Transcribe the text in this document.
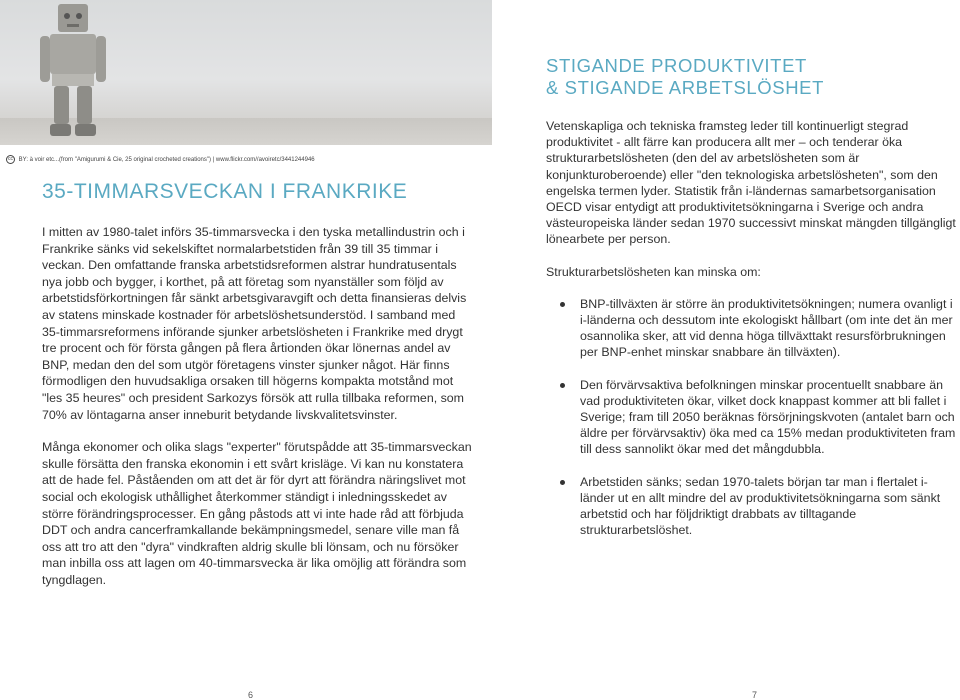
cc BY: à voir etc...(from "Amigurumi & Cie, 25 original crocheted creations") | www.flickr.com//avoiretc/3441244946
35-TIMMARSVECKAN I FRANKRIKE

I mitten av 1980-talet införs 35-timmarsvecka i den tyska metallindustrin och i Frankrike sänks vid sekelskiftet normalarbetstiden från 39 till 35 timmar i veckan. Den omfattande franska arbetstidsreformen alstrar hundratusentals nya jobb och bygger, i korthet, på att företag som nyanställer som följd av arbetstidsförkortningen får sänkt arbetsgivaravgift och detta finansieras delvis av statens minskade kostnader för arbetslöshetsunderstöd. I samband med 35-timmarsreformens införande sjunker arbetslösheten i Frankrike med drygt tre procent och för första gången på flera årtionden ökar lönernas andel av BNP, medan den del som utgör företagens vinster sjunker något. Här finns förmodligen den huvudsakliga orsaken till högerns kompakta motstånd mot "les 35 heures" och president Sarkozys försök att rulla tillbaka reformen, som 70% av löntagarna anser inneburit betydande livskvalitetsvinster.

Många ekonomer och olika slags "experter" förutspådde att 35-timmarsveckan skulle försätta den franska ekonomin i ett svårt krisläge. Vi kan nu konstatera att de hade fel. Påståenden om att det är för dyrt att förändra näringslivet mot social och ekologisk uthållighet återkommer ständigt i inledningsskedet av större förändringsprocesser. En gång påstods att vi inte hade råd att förbjuda DDT och andra cancerframkallande bekämpningsmedel, senare ville man få oss att tro att den "dyra" vindkraften aldrig skulle bli lönsam, och nu försöker man inbilla oss att lagen om 40-timmarsvecka är lika omöjlig att förändra som tyngdlagen.

STIGANDE PRODUKTIVITET
& STIGANDE ARBETSLÖSHET

Vetenskapliga och tekniska framsteg leder till kontinuerligt stegrad produktivitet - allt färre kan producera allt mer – och tenderar öka strukturarbetslösheten (den del av arbetslösheten som är konjunkturoberoende) eller "den teknologiska arbetslösheten", som den engelska termen lyder. Statistik från i-ländernas samarbetsorganisation OECD visar entydigt att produktivitetsökningarna i Sverige och andra västeuropeiska länder sedan 1970 successivt minskat mängden tillgängligt lönearbete per person.

Strukturarbetslösheten kan minska om:

BNP-tillväxten är större än produktivitetsökningen; numera ovanligt i i-länderna och dessutom inte ekologiskt hållbart (om inte det än mer osannolika sker, att vid denna höga tillväxttakt resursförbrukningen per BNP-enhet minskar snabbare än tillväxten).
Den förvärvsaktiva befolkningen minskar procentuellt snabbare än vad produktiviteten ökar, vilket dock knappast kommer att bli fallet i Sverige; fram till 2050 beräknas försörjningskvoten (antalet barn och äldre per förvärvsaktiv) öka med ca 15% medan produktiviteten fram till dess sannolikt ökar med det mångdubbla.
Arbetstiden sänks; sedan 1970-talets början tar man i flertalet i-länder ut en allt mindre del av produktivitetsökningarna som sänkt arbetstid och har följdriktigt drabbats av tilltagande strukturarbetslöshet.
6	7
